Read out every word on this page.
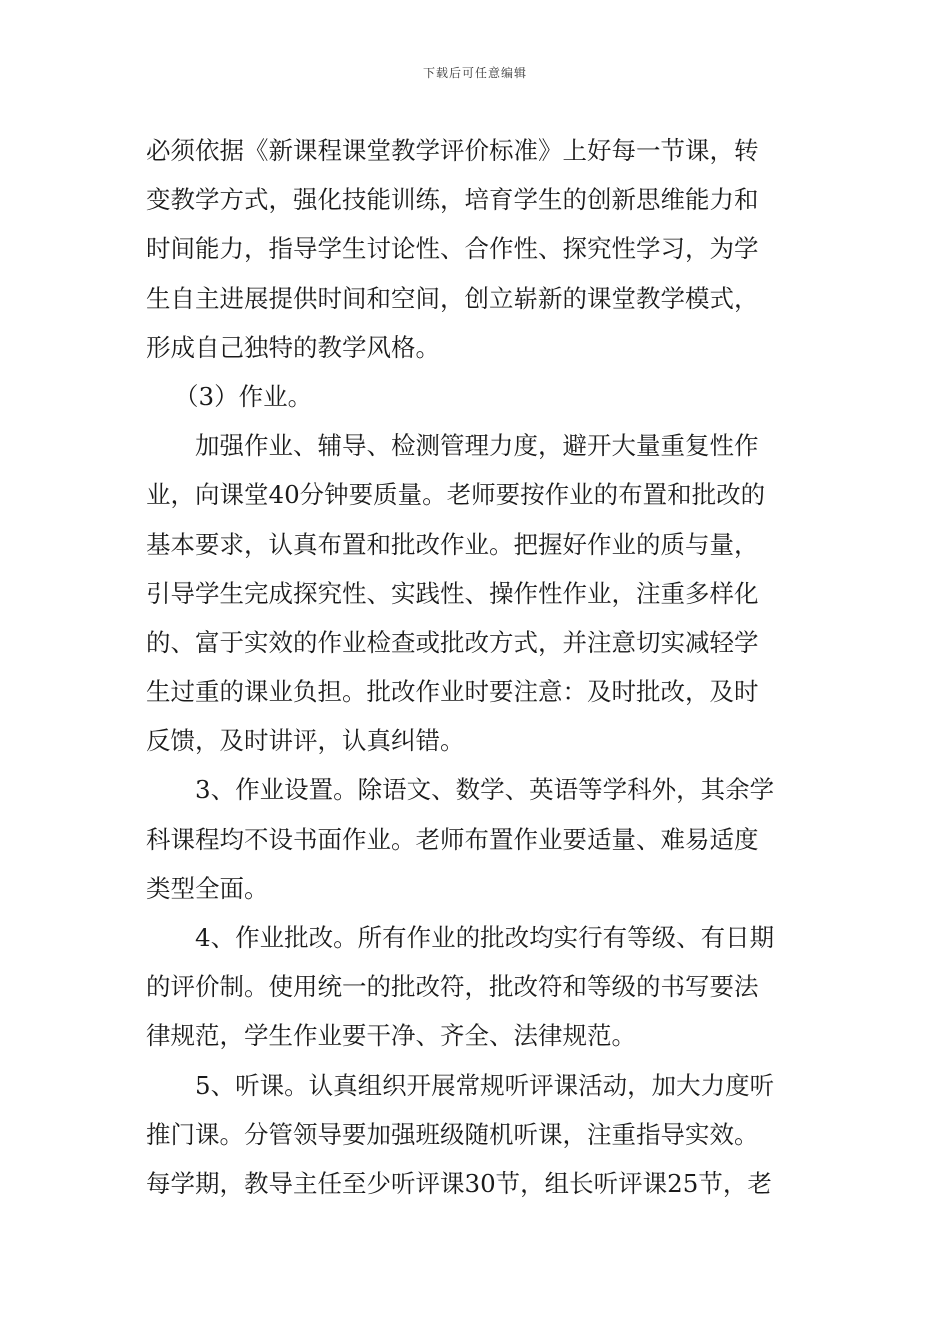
下载后可任意编辑
必须依据《新课程课堂教学评价标准》上好每一节课，转
变教学方式，强化技能训练，培育学生的创新思维能力和
时间能力，指导学生讨论性、合作性、探究性学习，为学
生自主进展提供时间和空间，创立崭新的课堂教学模式，
形成自己独特的教学风格。
（3）作业。
加强作业、辅导、检测管理力度，避开大量重复性作
业，向课堂40分钟要质量。老师要按作业的布置和批改的
基本要求，认真布置和批改作业。把握好作业的质与量，
引导学生完成探究性、实践性、操作性作业，注重多样化
的、富于实效的作业检查或批改方式，并注意切实减轻学
生过重的课业负担。批改作业时要注意：及时批改，及时
反馈，及时讲评，认真纠错。
3、作业设置。除语文、数学、英语等学科外，其余学
科课程均不设书面作业。老师布置作业要适量、难易适度
类型全面。
4、作业批改。所有作业的批改均实行有等级、有日期
的评价制。使用统一的批改符，批改符和等级的书写要法
律规范，学生作业要干净、齐全、法律规范。
5、听课。认真组织开展常规听评课活动，加大力度听
推门课。分管领导要加强班级随机听课，注重指导实效。
每学期，教导主任至少听评课30节，组长听评课25节，老
